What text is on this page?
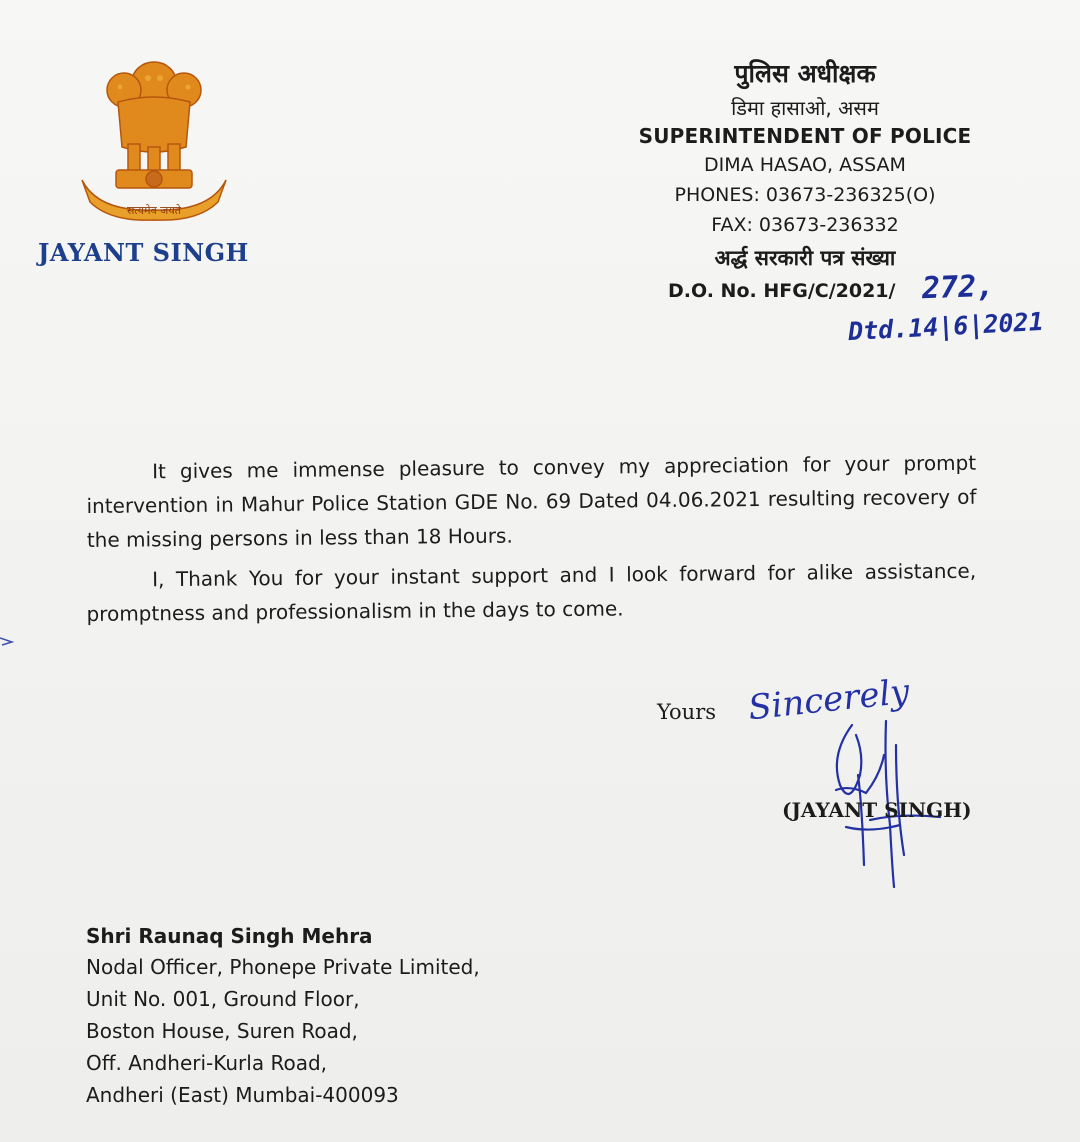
सत्यमेव जयते
JAYANT SINGH
पुलिस अधीक्षक
डिमा हासाओ, असम
SUPERINTENDENT OF POLICE
DIMA HASAO, ASSAM
PHONES: 03673-236325(O)
FAX: 03673-236332
अर्द्ध सरकारी पत्र संख्या
D.O. No. HFG/C/2021/ 272,
Dtd.14|6|2021
It gives me immense pleasure to convey my appreciation for your prompt intervention in Mahur Police Station GDE No. 69 Dated 04.06.2021 resulting recovery of the missing persons in less than 18 Hours.
I, Thank You for your instant support and I look forward for alike assistance, promptness and professionalism in the days to come.
Yours Sincerely
(JAYANT SINGH)
Shri Raunaq Singh Mehra
Nodal Officer, Phonepe Private Limited,
Unit No. 001, Ground Floor,
Boston House, Suren Road,
Off. Andheri-Kurla Road,
Andheri (East) Mumbai-400093
